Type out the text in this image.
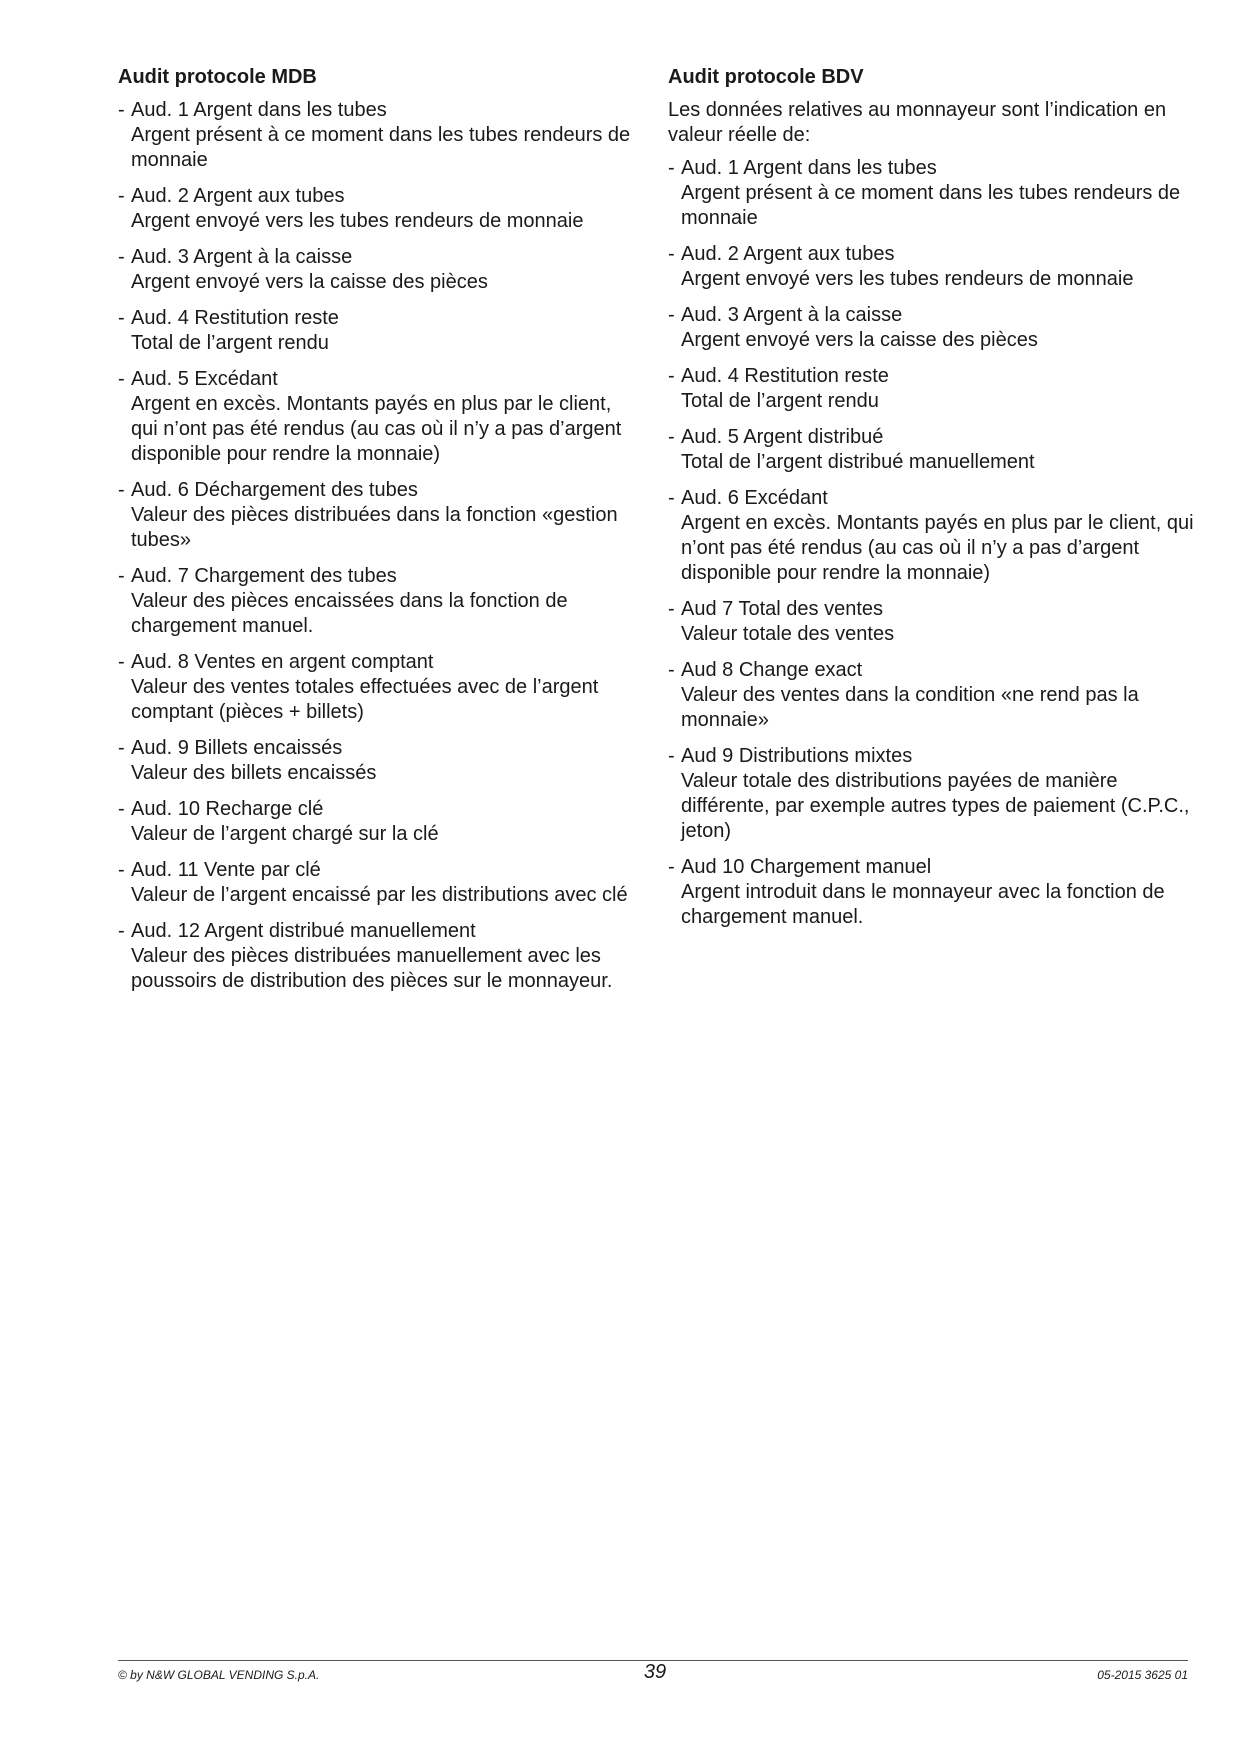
Audit protocole MDB
- Aud. 1 Argent dans les tubes
Argent présent à ce moment dans les tubes rendeurs de monnaie
- Aud. 2 Argent aux tubes
Argent envoyé vers les tubes rendeurs de monnaie
- Aud. 3 Argent à la caisse
Argent envoyé vers la caisse des pièces
- Aud. 4 Restitution reste
Total de l’argent rendu
- Aud. 5 Excédant
Argent en excès. Montants payés en plus par le client, qui n’ont pas été rendus (au cas où il n’y a pas d’argent disponible pour rendre la monnaie)
- Aud. 6 Déchargement des tubes
Valeur des pièces distribuées dans la fonction «gestion tubes»
- Aud. 7 Chargement des tubes
Valeur des pièces encaissées dans la fonction de chargement manuel.
- Aud. 8 Ventes en argent comptant
Valeur des ventes totales effectuées avec de l’argent comptant (pièces + billets)
- Aud. 9 Billets encaissés
Valeur des billets encaissés
- Aud. 10 Recharge clé
Valeur de l’argent chargé sur la clé
- Aud. 11 Vente par clé
Valeur de l’argent encaissé par les distributions avec clé
- Aud. 12 Argent distribué manuellement
Valeur des pièces distribuées manuellement avec les poussoirs de distribution des pièces sur le monnayeur.
Audit protocole BDV
Les données relatives au monnayeur sont l’indication en valeur réelle de:
- Aud. 1 Argent dans les tubes
Argent présent à ce moment dans les tubes rendeurs de monnaie
- Aud. 2 Argent aux tubes
Argent envoyé vers les tubes rendeurs de monnaie
- Aud. 3 Argent à la caisse
Argent envoyé vers la caisse des pièces
- Aud. 4 Restitution reste
Total de l’argent rendu
- Aud. 5 Argent distribué
Total de l’argent distribué manuellement
- Aud. 6 Excédant
Argent en excès. Montants payés en plus par le client, qui n’ont pas été rendus (au cas où il n’y a pas d’argent disponible pour rendre la monnaie)
- Aud 7 Total des ventes
Valeur totale des ventes
- Aud 8 Change exact
Valeur des ventes dans la condition «ne rend pas la monnaie»
- Aud 9 Distributions mixtes
Valeur totale des distributions payées de manière différente, par exemple autres types de paiement (C.P.C., jeton)
- Aud 10 Chargement manuel
Argent introduit dans le monnayeur avec la fonction de chargement manuel.
© by N&W GLOBAL VENDING S.p.A.	39	05-2015 3625 01
